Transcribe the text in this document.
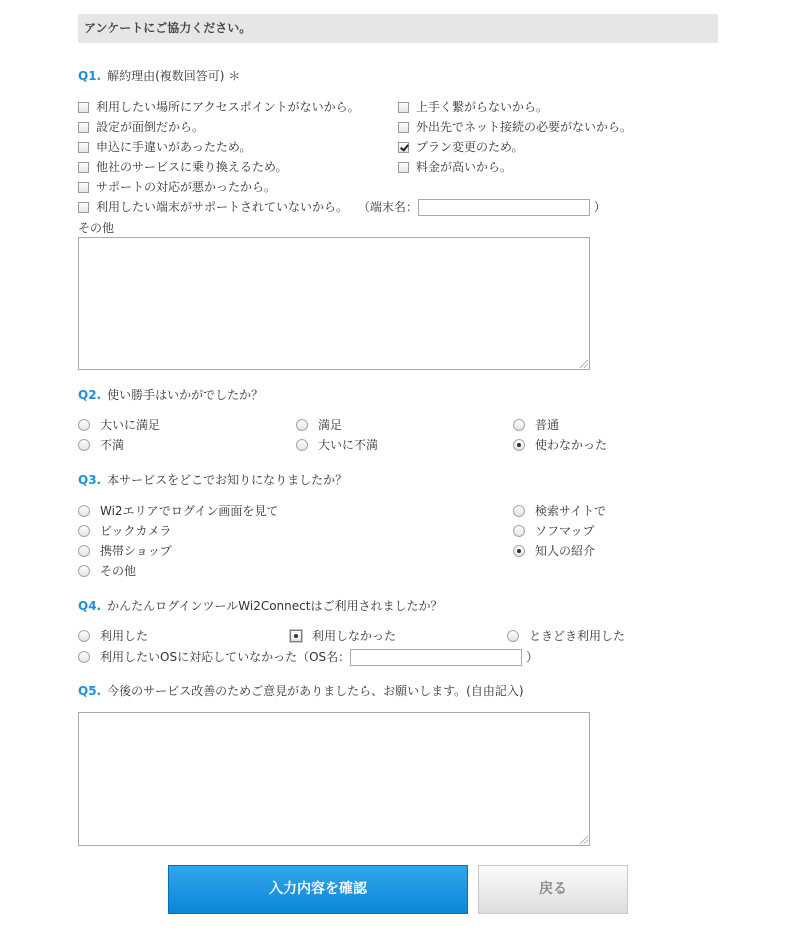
アンケートにご協力ください。
Q1. 解約理由(複数回答可) ＊
利用したい場所にアクセスポイントがないから。	上手く繋がらないから。
設定が面倒だから。	外出先でネット接続の必要がないから。
申込に手違いがあったため。	プラン変更のため。
他社のサービスに乗り換えるため。	料金が高いから。
サポートの対応が悪かったから。
利用したい端末がサポートされていないから。 （端末名：	）
その他
Q2. 使い勝手はいかがでしたか？
大いに満足	満足	普通
不満	大いに不満	使わなかった
Q3. 本サービスをどこでお知りになりましたか？
Wi2エリアでログイン画面を見て	検索サイトで
ビックカメラ	ソフマップ
携帯ショップ	知人の紹介
その他
Q4. かんたんログインツールWi2Connectはご利用されましたか？
利用した	利用しなかった	ときどき利用した
利用したいOSに対応していなかった（OS名：	）
Q5. 今後のサービス改善のためご意見がありましたら、お願いします。(自由記入)
入力内容を確認	戻る
